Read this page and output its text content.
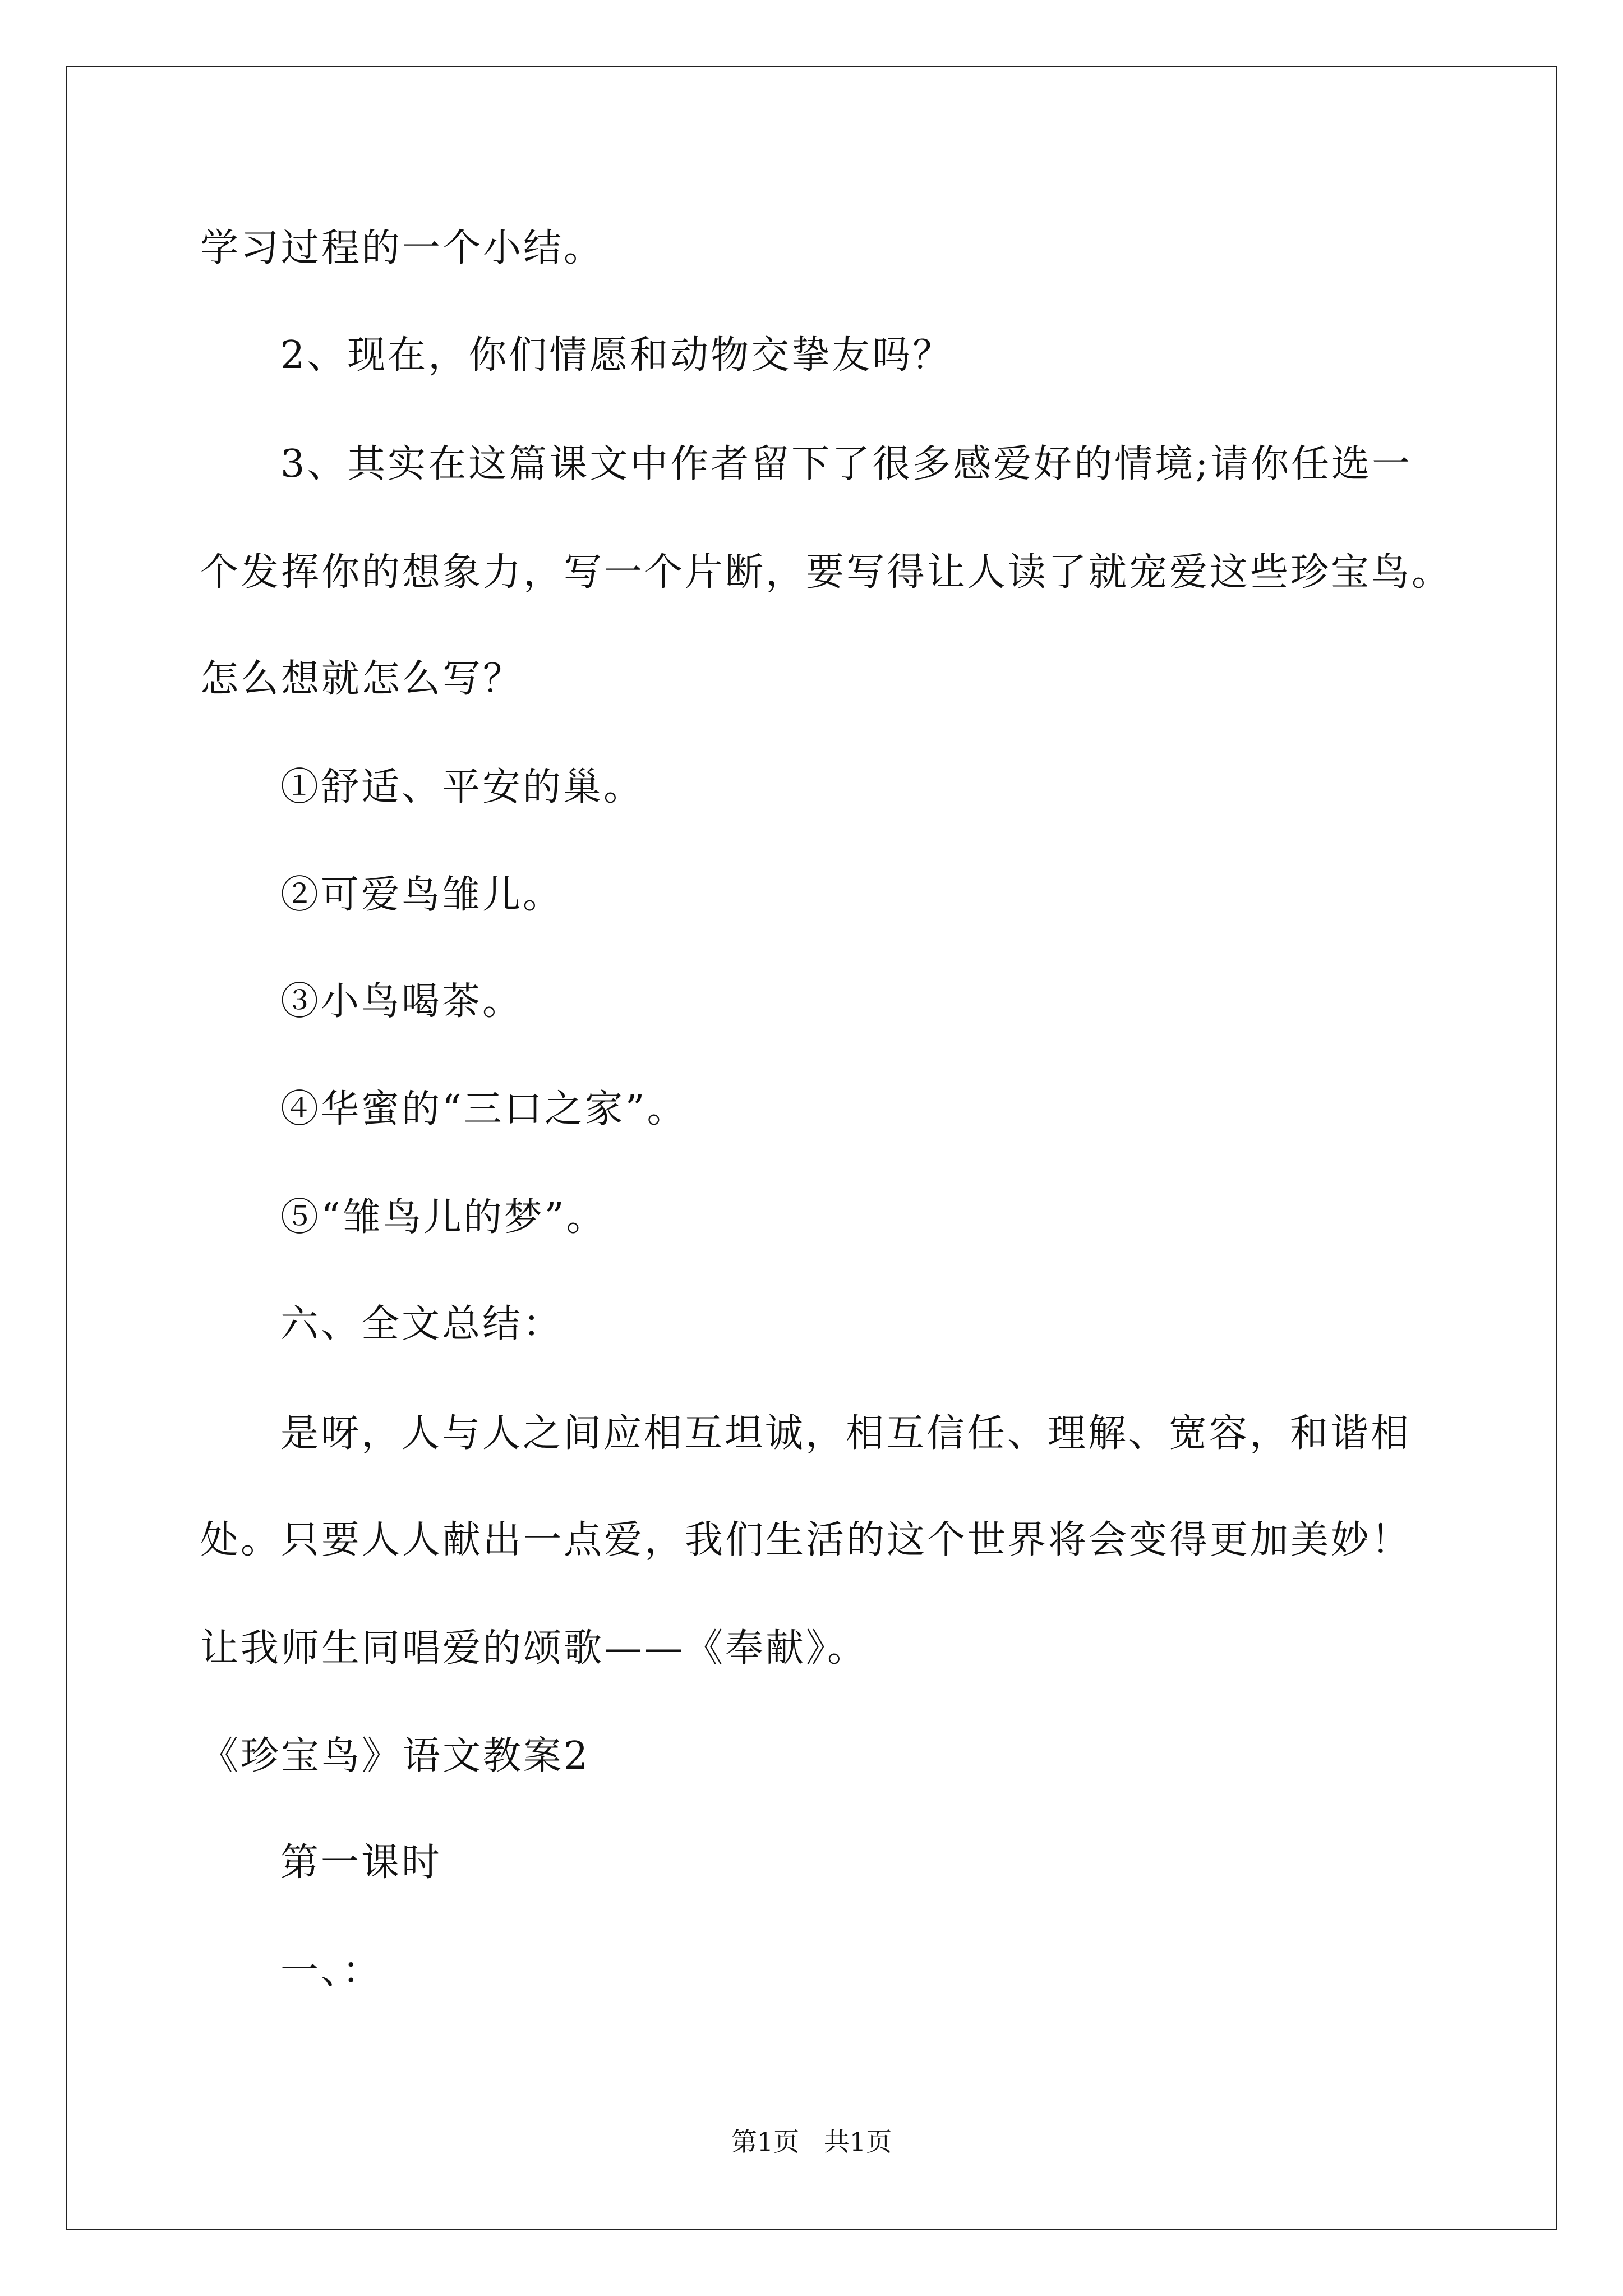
学习过程的一个小结。
2、现在，你们情愿和动物交挚友吗？
3、其实在这篇课文中作者留下了很多感爱好的情境;请你任选一
个发挥你的想象力，写一个片断，要写得让人读了就宠爱这些珍宝鸟。
怎么想就怎么写？
①舒适、平安的巢。
②可爱鸟雏儿。
③小鸟喝茶。
④华蜜的“三口之家”。
⑤“雏鸟儿的梦”。
六、全文总结：
是呀，人与人之间应相互坦诚，相互信任、理解、宽容，和谐相
处。只要人人献出一点爱，我们生活的这个世界将会变得更加美妙！
让我师生同唱爱的颂歌——《奉献》。
《珍宝鸟》语文教案2
第一课时
一、：
第1页   共1页
